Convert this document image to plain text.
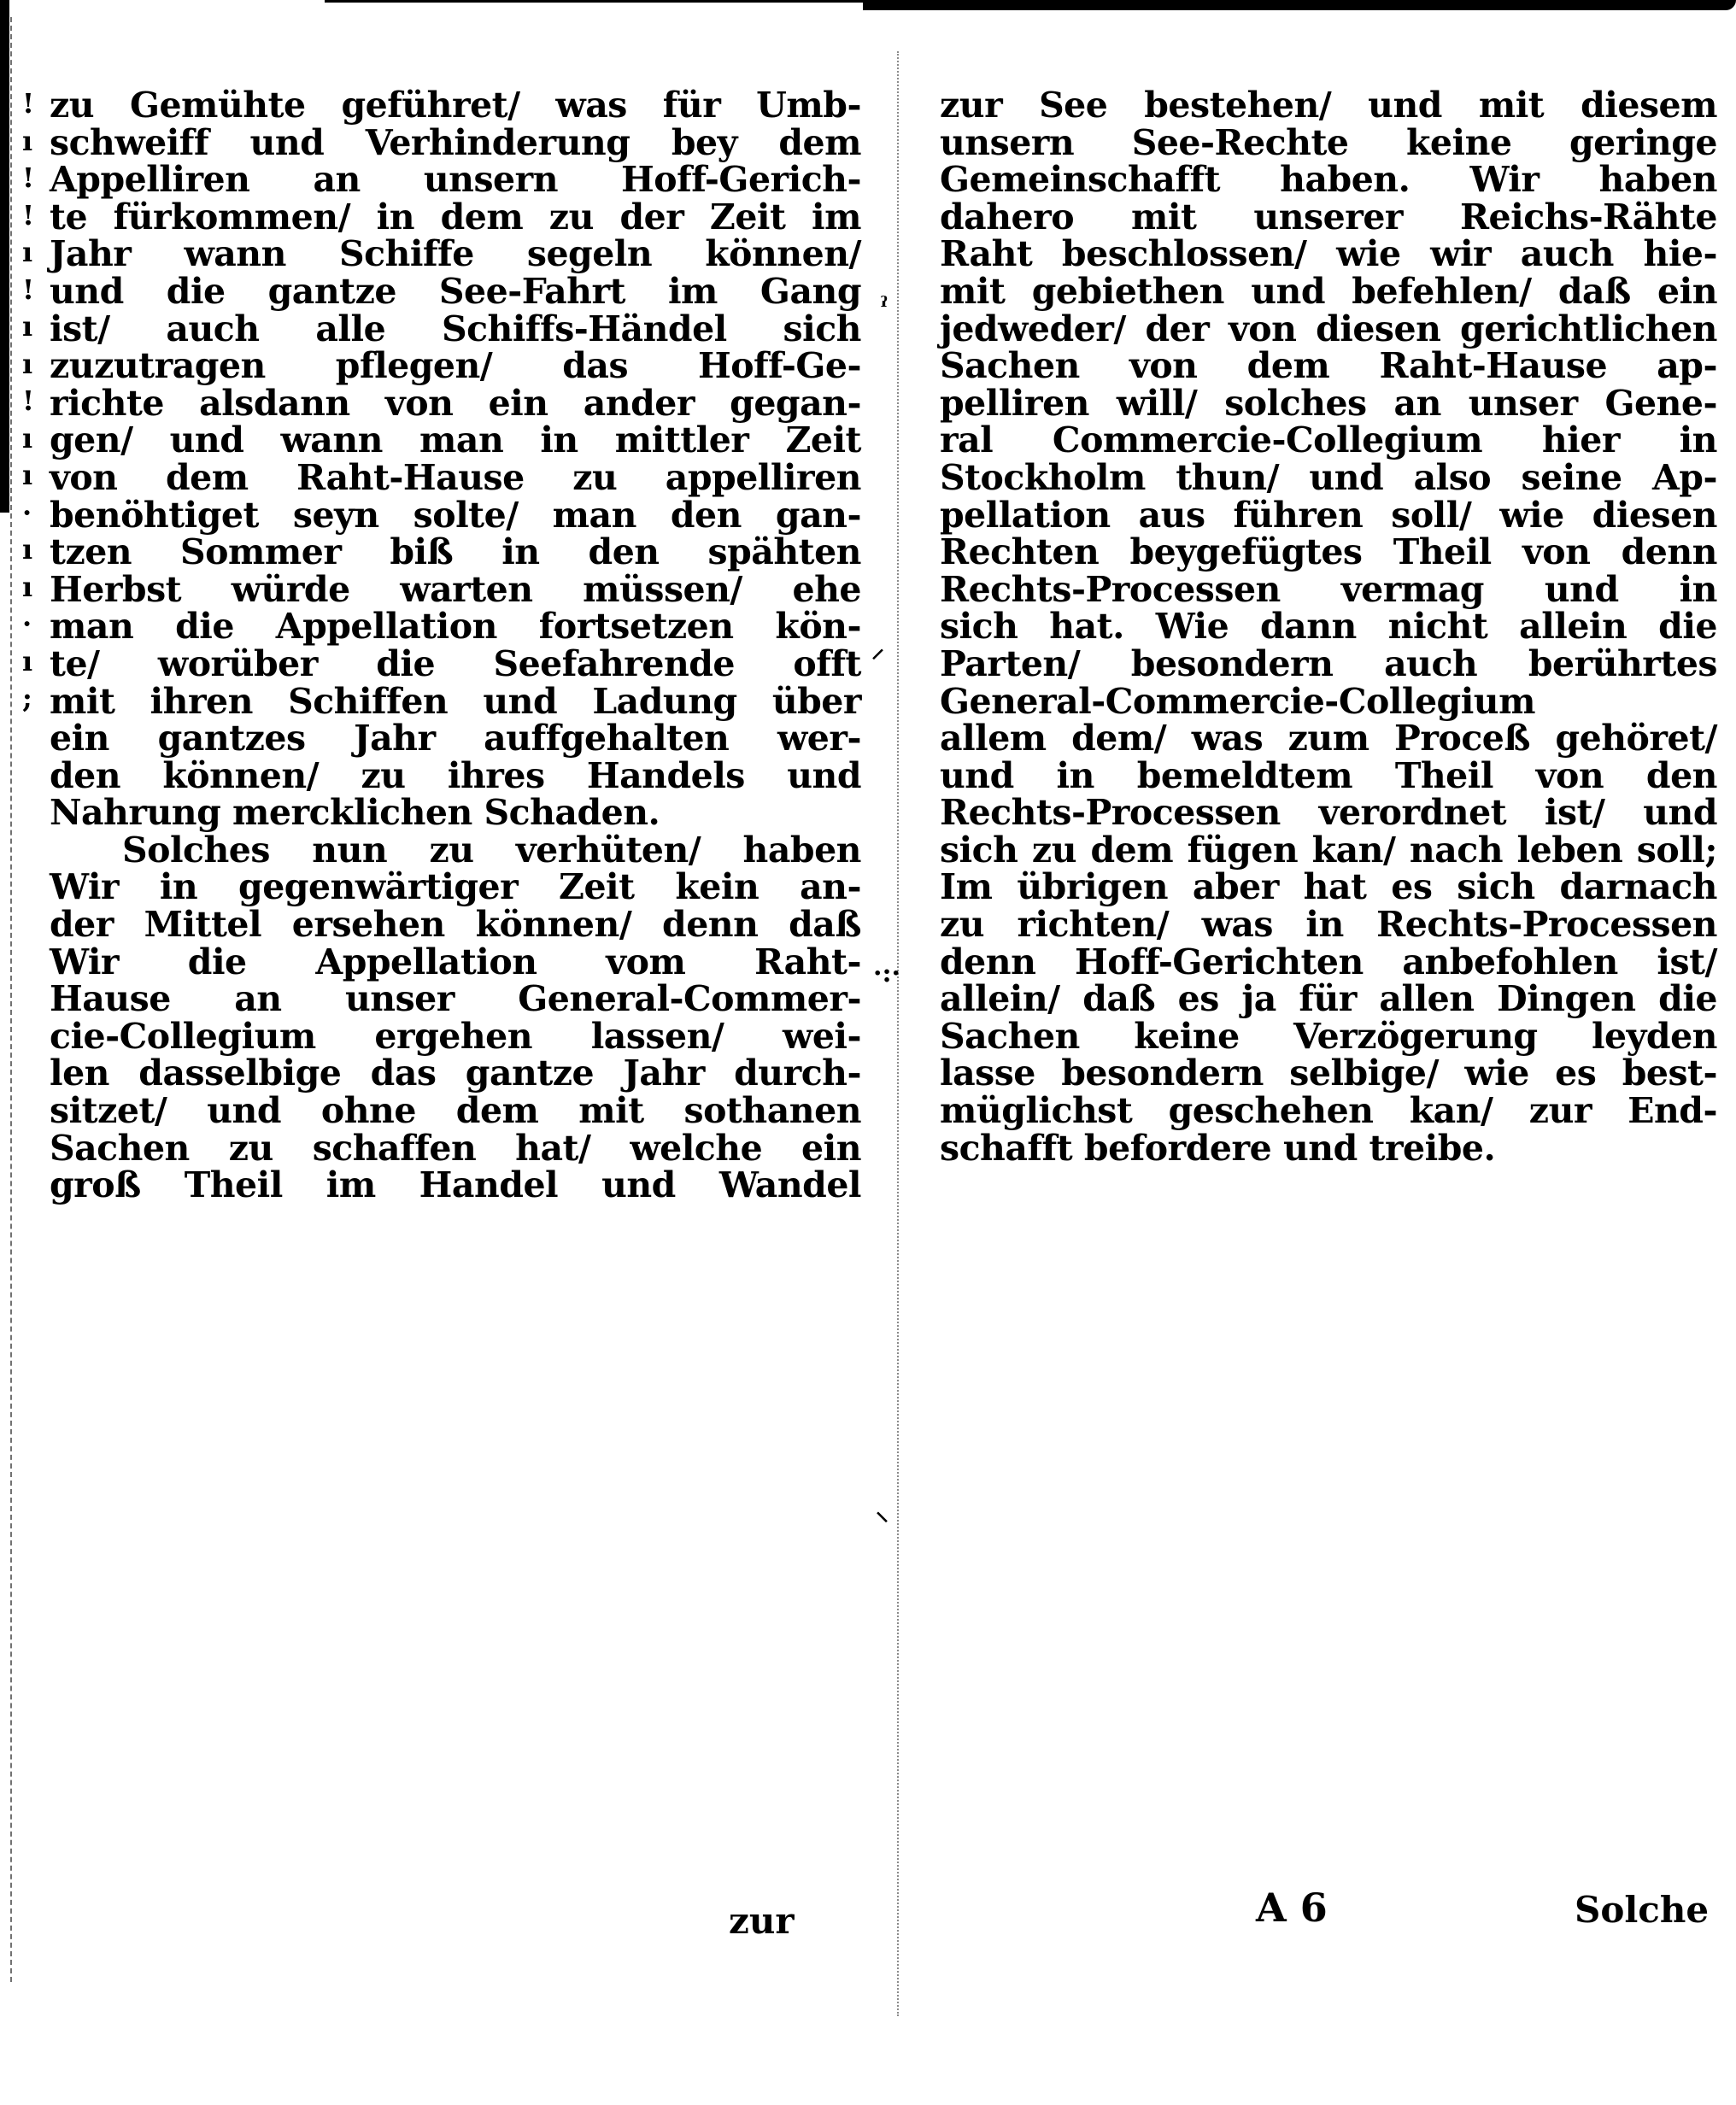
ˀ
⸝
·:·
⸜
!
ı
!
!
ı
!
ı
ı
!
ı
ı
·
ı
ı
·
ı
;
zu Gemühte geführet/ was für Umb-
schweiff und Verhinderung bey dem
Appelliren an unsern Hoff-Gerich-
te fürkommen/ in dem zu der Zeit im
Jahr wann Schiffe segeln können/
und die gantze See-Fahrt im Gang
ist/ auch alle Schiffs-Händel sich
zuzutragen pflegen/ das Hoff-Ge-
richte alsdann von ein ander gegan-
gen/ und wann man in mittler Zeit
von dem Raht-Hause zu appelliren
benöhtiget seyn solte/ man den gan-
tzen Sommer biß in den spähten
Herbst würde warten müssen/ ehe
man die Appellation fortsetzen kön-
te/ worüber die Seefahrende offt
mit ihren Schiffen und Ladung über
ein gantzes Jahr auffgehalten wer-
den können/ zu ihres Handels und
Nahrung mercklichen Schaden.
Solches nun zu verhüten/ haben
Wir in gegenwärtiger Zeit kein an-
der Mittel ersehen können/ denn daß
Wir die Appellation vom Raht-
Hause an unser General-Commer-
cie-Collegium ergehen lassen/ wei-
len dasselbige das gantze Jahr durch-
sitzet/ und ohne dem mit sothanen
Sachen zu schaffen hat/ welche ein
groß Theil im Handel und Wandel
zur
zur See bestehen/ und mit diesem
unsern See-Rechte keine geringe
Gemeinschafft haben. Wir haben
dahero mit unserer Reichs-Rähte
Raht beschlossen/ wie wir auch hie-
mit gebiethen und befehlen/ daß ein
jedweder/ der von diesen gerichtlichen
Sachen von dem Raht-Hause ap-
pelliren will/ solches an unser Gene-
ral Commercie-Collegium hier in
Stockholm thun/ und also seine Ap-
pellation aus führen soll/ wie diesen
Rechten beygefügtes Theil von denn
Rechts-Processen vermag und in
sich hat. Wie dann nicht allein die
Parten/ besondern auch berührtes
General-Commercie-Collegium
allem dem/ was zum Proceß gehöret/
und in bemeldtem Theil von den
Rechts-Processen verordnet ist/ und
sich zu dem fügen kan/ nach leben soll;
Im übrigen aber hat es sich darnach
zu richten/ was in Rechts-Processen
denn Hoff-Gerichten anbefohlen ist/
allein/ daß es ja für allen Dingen die
Sachen keine Verzögerung leyden
lasse besondern selbige/ wie es best-
müglichst geschehen kan/ zur End-
schafft befordere und treibe.
A 6	Solche
